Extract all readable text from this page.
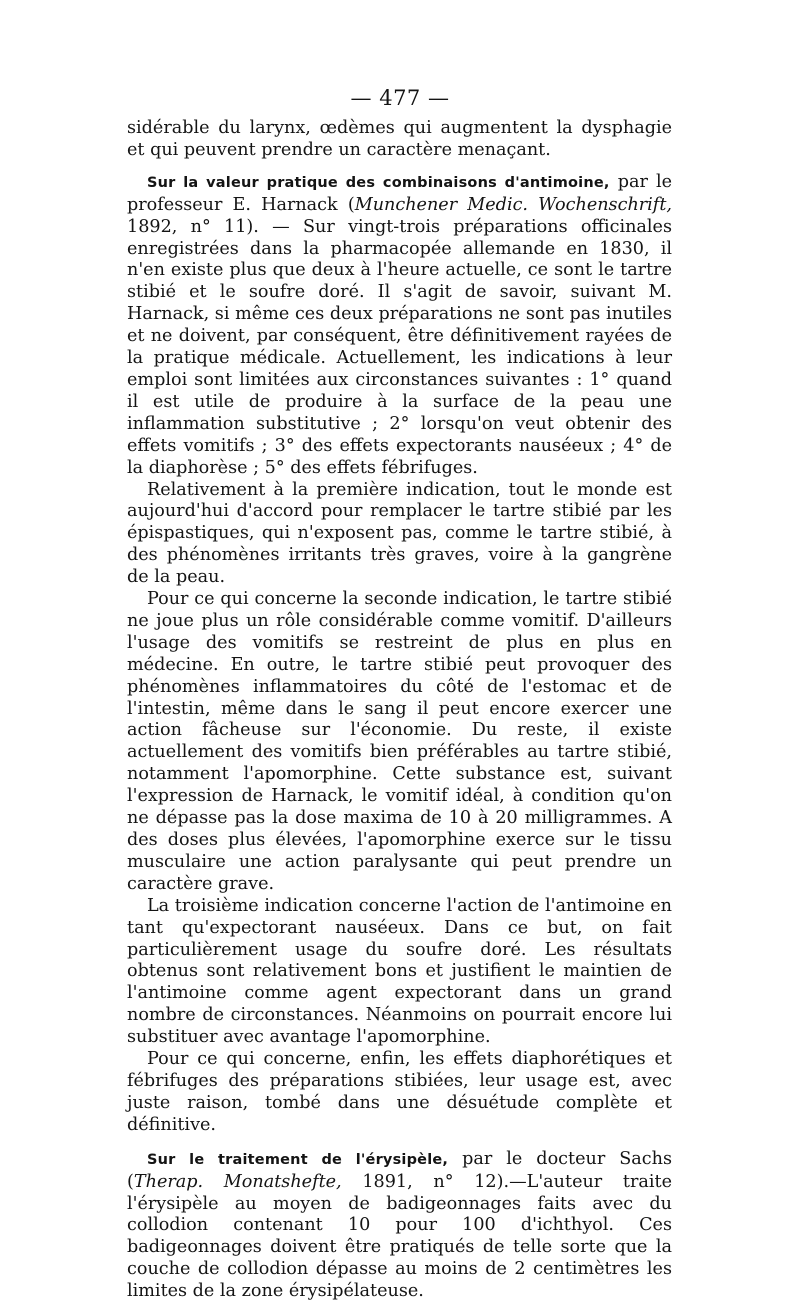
— 477 —

sidérable du larynx, œdèmes qui augmentent la dysphagie et qui peuvent prendre un caractère menaçant.

Sur la valeur pratique des combinaisons d'antimoine, par le professeur E. Harnack (Munchener Medic. Wochenschrift, 1892, n° 11). — Sur vingt-trois préparations officinales enregistrées dans la pharmacopée allemande en 1830, il n'en existe plus que deux à l'heure actuelle, ce sont le tartre stibié et le soufre doré. Il s'agit de savoir, suivant M. Harnack, si même ces deux préparations ne sont pas inutiles et ne doivent, par conséquent, être définitivement rayées de la pratique médicale. Actuellement, les indications à leur emploi sont limitées aux circonstances suivantes : 1° quand il est utile de produire à la surface de la peau une inflammation substitutive ; 2° lorsqu'on veut obtenir des effets vomitifs ; 3° des effets expectorants nauséeux ; 4° de la diaphorèse ; 5° des effets fébrifuges.

Relativement à la première indication, tout le monde est aujourd'hui d'accord pour remplacer le tartre stibié par les épispastiques, qui n'exposent pas, comme le tartre stibié, à des phénomènes irritants très graves, voire à la gangrène de la peau.

Pour ce qui concerne la seconde indication, le tartre stibié ne joue plus un rôle considérable comme vomitif. D'ailleurs l'usage des vomitifs se restreint de plus en plus en médecine. En outre, le tartre stibié peut provoquer des phénomènes inflammatoires du côté de l'estomac et de l'intestin, même dans le sang il peut encore exercer une action fâcheuse sur l'économie. Du reste, il existe actuellement des vomitifs bien préférables au tartre stibié, notamment l'apomorphine. Cette substance est, suivant l'expression de Harnack, le vomitif idéal, à condition qu'on ne dépasse pas la dose maxima de 10 à 20 milligrammes. A des doses plus élevées, l'apomorphine exerce sur le tissu musculaire une action paralysante qui peut prendre un caractère grave.

La troisième indication concerne l'action de l'antimoine en tant qu'expectorant nauséeux. Dans ce but, on fait particulièrement usage du soufre doré. Les résultats obtenus sont relativement bons et justifient le maintien de l'antimoine comme agent expectorant dans un grand nombre de circonstances. Néanmoins on pourrait encore lui substituer avec avantage l'apomorphine.

Pour ce qui concerne, enfin, les effets diaphorétiques et fébrifuges des préparations stibiées, leur usage est, avec juste raison, tombé dans une désuétude complète et définitive.

Sur le traitement de l'érysipèle, par le docteur Sachs (Therap. Monatshefte, 1891, n° 12).—L'auteur traite l'érysipèle au moyen de badigeonnages faits avec du collodion contenant 10 pour 100 d'ichthyol. Ces badigeonnages doivent être pratiqués de telle sorte que la couche de collodion dépasse au moins de 2 centimètres les limites de la zone érysipélateuse.
